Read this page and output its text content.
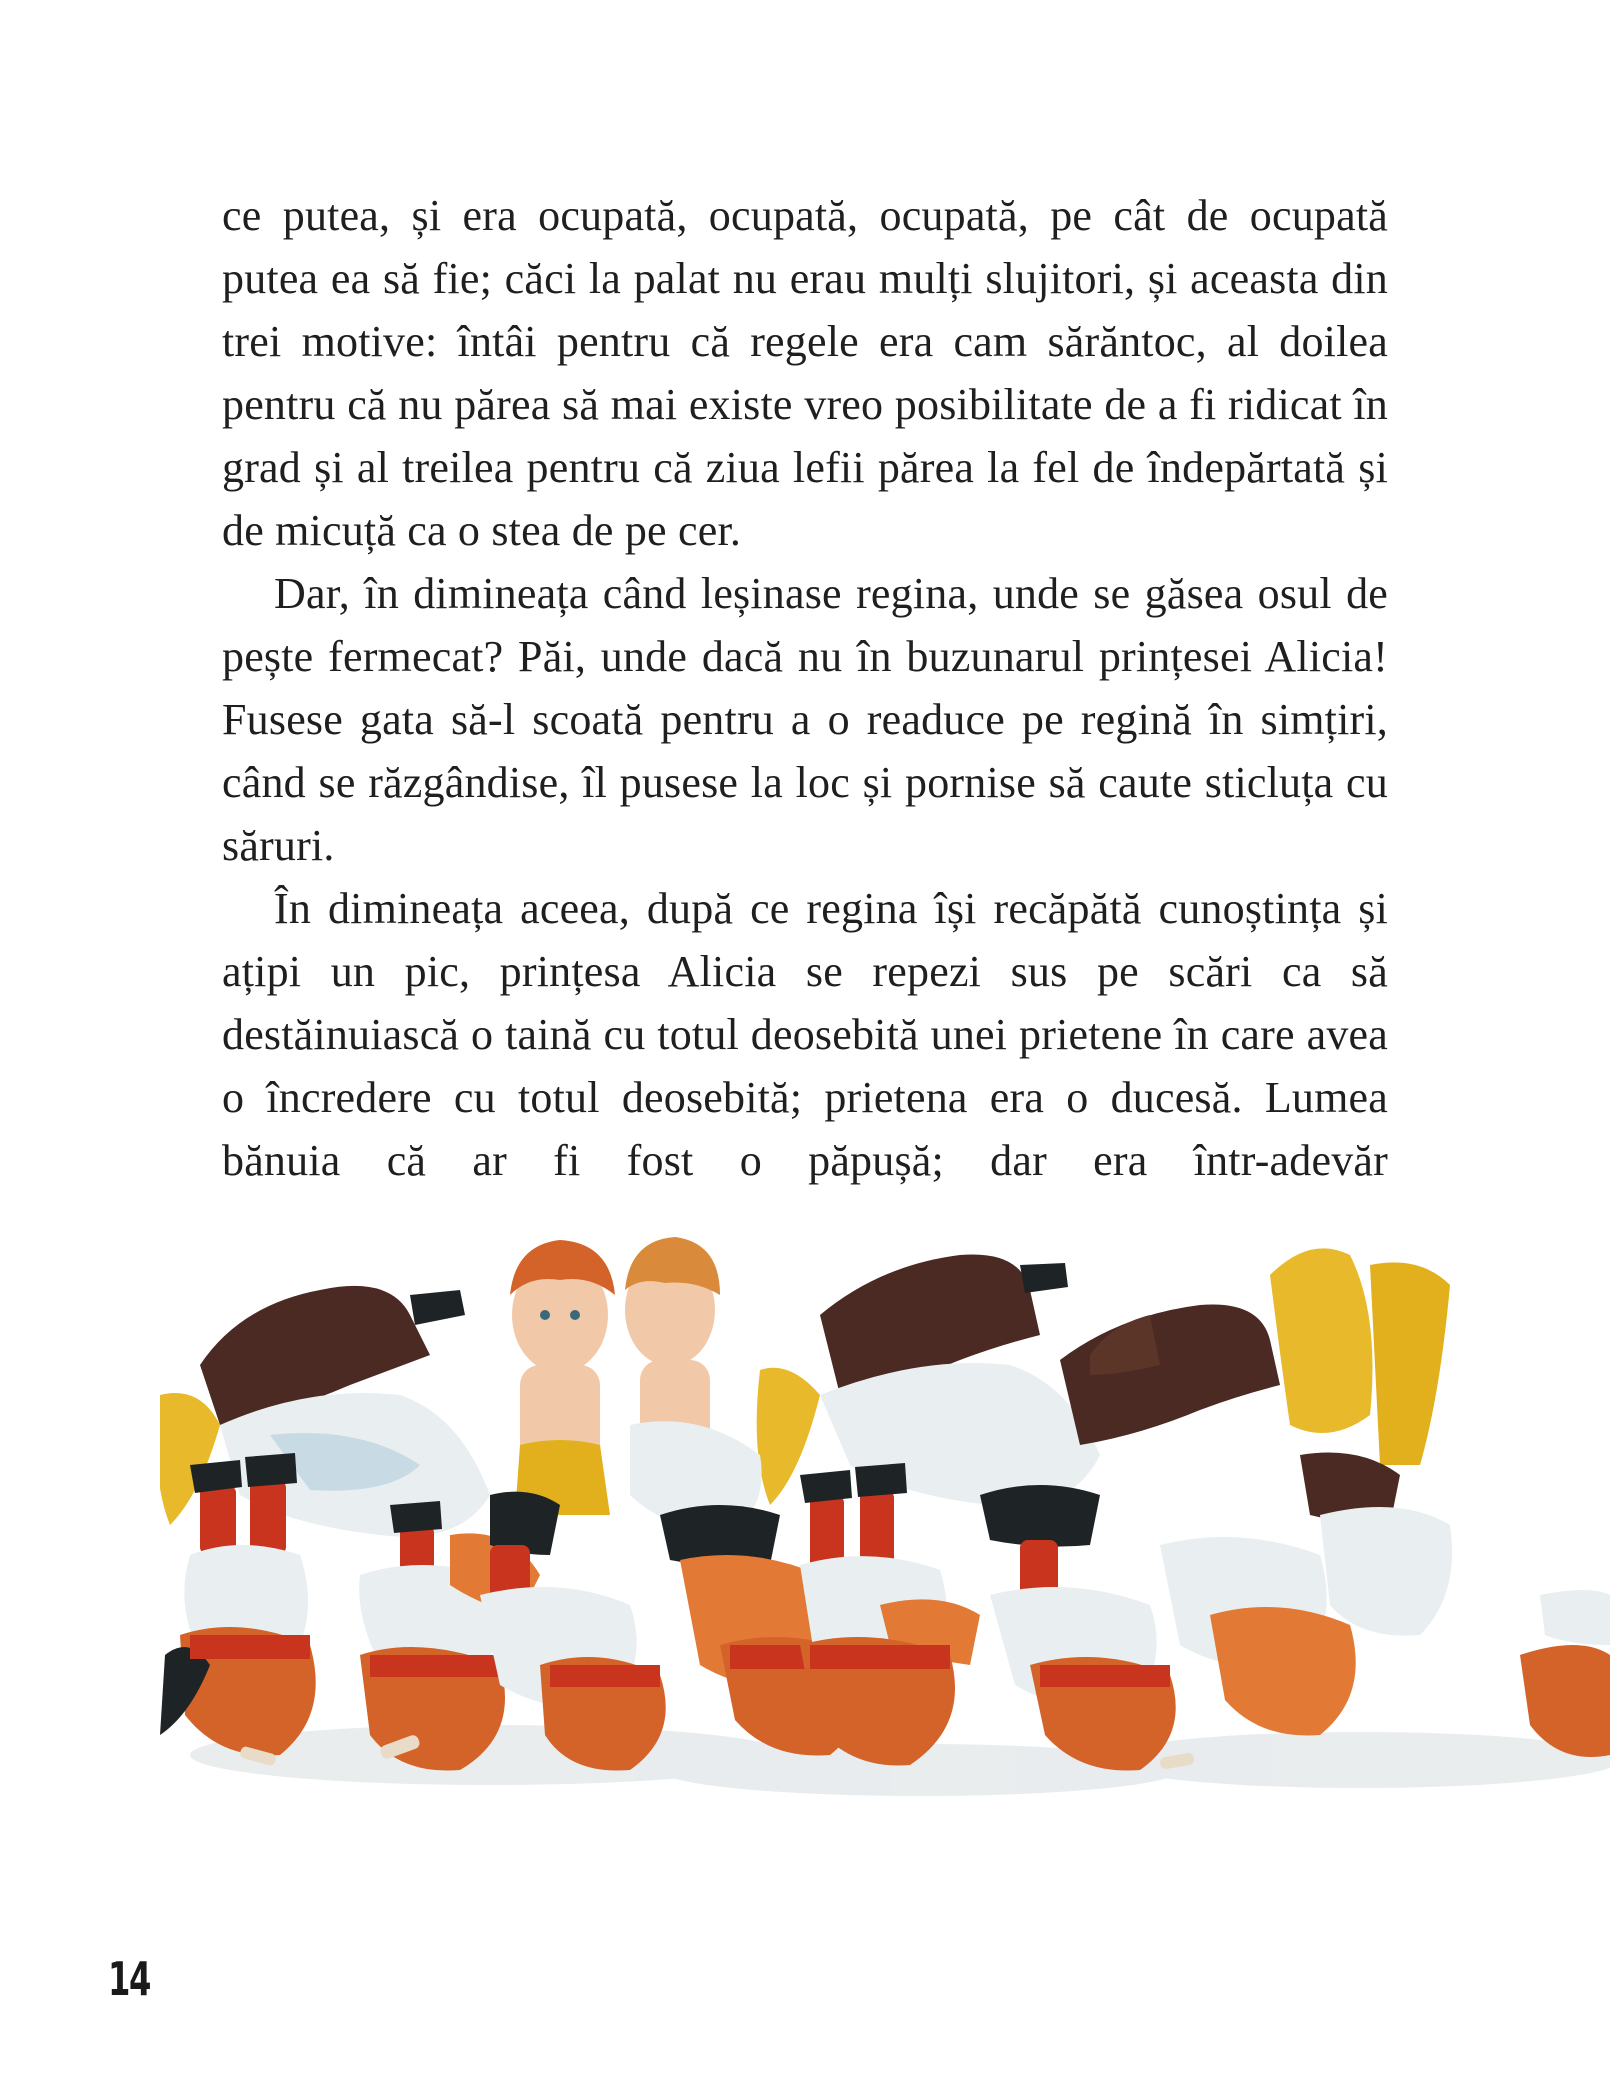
ce putea, și era ocupată, ocupată, ocupată, pe cât de ocupată putea ea să fie; căci la palat nu erau mulți slujitori, și aceasta din trei motive: întâi pentru că regele era cam sărăntoc, al doilea pentru că nu părea să mai existe vreo posibilitate de a fi ridicat în grad și al treilea pentru că ziua lefii părea la fel de îndepărtată și de micuță ca o stea de pe cer.

Dar, în dimineața când leșinase regina, unde se găsea osul de pește fermecat? Păi, unde dacă nu în buzunarul prințesei Alicia! Fusese gata să-l scoată pentru a o readuce pe regină în simțiri, când se răzgândise, îl pusese la loc și pornise să caute sticluța cu săruri.

În dimineața aceea, după ce regina își recăpătă cunoștința și ațipi un pic, prințesa Alicia se repezi sus pe scări ca să destăinuiască o taină cu totul deosebită unei prietene în care avea o încredere cu totul deosebită; prietena era o ducesă. Lumea bănuia că ar fi fost o păpușă; dar era într-adevăr

14
